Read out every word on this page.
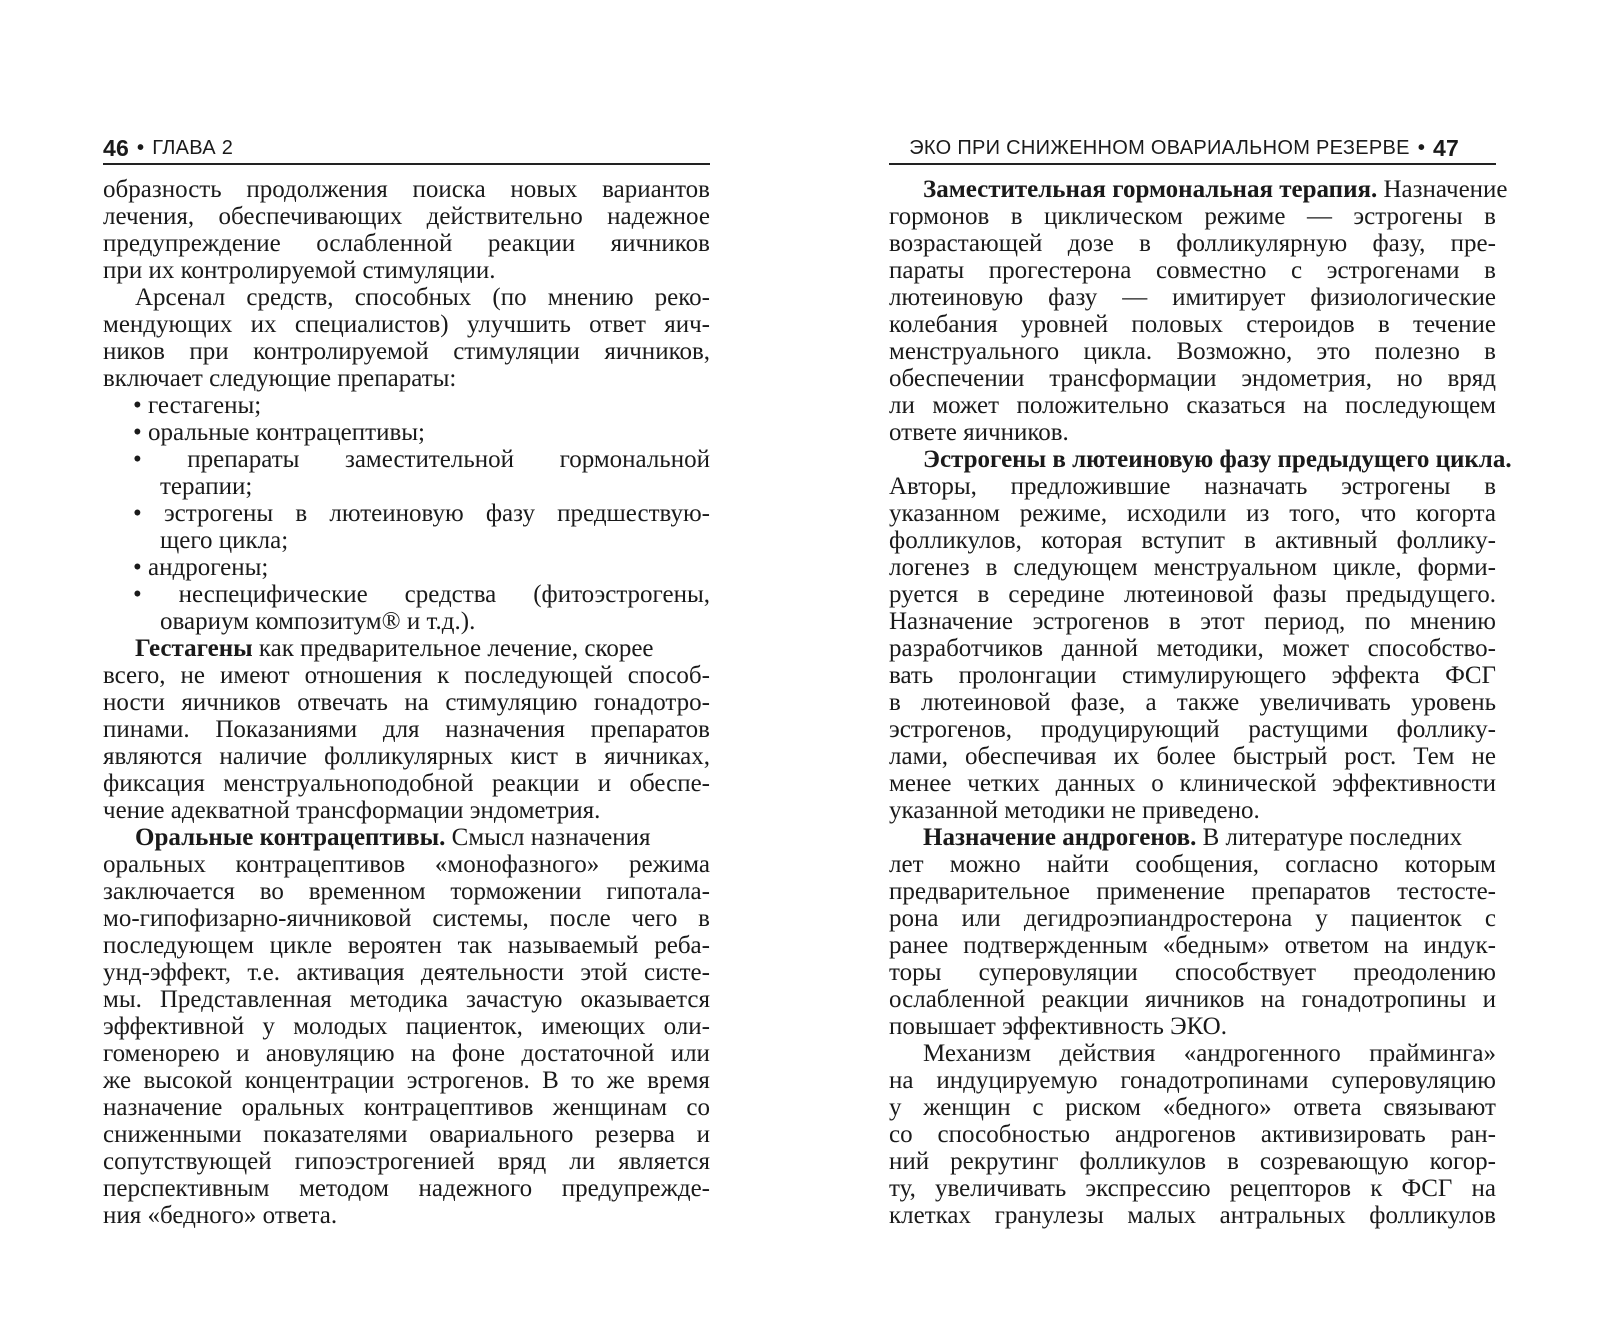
46 • ГЛАВА 2
образность продолжения поиска новых вариантов
лечения, обеспечивающих действительно надежное
предупреждение ослабленной реакции яичников
при их контролируемой стимуляции.
Арсенал средств, способных (по мнению реко-
мендующих их специалистов) улучшить ответ яич-
ников при контролируемой стимуляции яичников,
включает следующие препараты:
• гестагены;
• оральные контрацептивы;
• препараты заместительной гормональной
терапии;
• эстрогены в лютеиновую фазу предшествую-
щего цикла;
• андрогены;
• неспецифические средства (фитоэстрогены,
овариум композитум® и т.д.).
Гестагены как предварительное лечение, скорее
всего, не имеют отношения к последующей способ-
ности яичников отвечать на стимуляцию гонадотро-
пинами. Показаниями для назначения препаратов
являются наличие фолликулярных кист в яичниках,
фиксация менструальноподобной реакции и обеспе-
чение адекватной трансформации эндометрия.
Оральные контрацептивы. Смысл назначения
оральных контрацептивов «монофазного» режима
заключается во временном торможении гипотала-
мо-гипофизарно-яичниковой системы, после чего в
последующем цикле вероятен так называемый реба-
унд-эффект, т.е. активация деятельности этой систе-
мы. Представленная методика зачастую оказывается
эффективной у молодых пациенток, имеющих оли-
гоменорею и ановуляцию на фоне достаточной или
же высокой концентрации эстрогенов. В то же время
назначение оральных контрацептивов женщинам со
сниженными показателями овариального резерва и
сопутствующей гипоэстрогенией вряд ли является
перспективным методом надежного предупрежде-
ния «бедного» ответа.
ЭКО ПРИ СНИЖЕННОМ ОВАРИАЛЬНОМ РЕЗЕРВЕ • 47
Заместительная гормональная терапия. Назначение
гормонов в циклическом режиме — эстрогены в
возрастающей дозе в фолликулярную фазу, пре-
параты прогестерона совместно с эстрогенами в
лютеиновую фазу — имитирует физиологические
колебания уровней половых стероидов в течение
менструального цикла. Возможно, это полезно в
обеспечении трансформации эндометрия, но вряд
ли может положительно сказаться на последующем
ответе яичников.
Эстрогены в лютеиновую фазу предыдущего цикла.
Авторы, предложившие назначать эстрогены в
указанном режиме, исходили из того, что когорта
фолликулов, которая вступит в активный фоллику-
логенез в следующем менструальном цикле, форми-
руется в середине лютеиновой фазы предыдущего.
Назначение эстрогенов в этот период, по мнению
разработчиков данной методики, может способство-
вать пролонгации стимулирующего эффекта ФСГ
в лютеиновой фазе, а также увеличивать уровень
эстрогенов, продуцирующий растущими фоллику-
лами, обеспечивая их более быстрый рост. Тем не
менее четких данных о клинической эффективности
указанной методики не приведено.
Назначение андрогенов. В литературе последних
лет можно найти сообщения, согласно которым
предварительное применение препаратов тестосте-
рона или дегидроэпиандростерона у пациенток с
ранее подтвержденным «бедным» ответом на индук-
торы суперовуляции способствует преодолению
ослабленной реакции яичников на гонадотропины и
повышает эффективность ЭКО.
Механизм действия «андрогенного прайминга»
на индуцируемую гонадотропинами суперовуляцию
у женщин с риском «бедного» ответа связывают
со способностью андрогенов активизировать ран-
ний рекрутинг фолликулов в созревающую когор-
ту, увеличивать экспрессию рецепторов к ФСГ на
клетках гранулезы малых антральных фолликулов
